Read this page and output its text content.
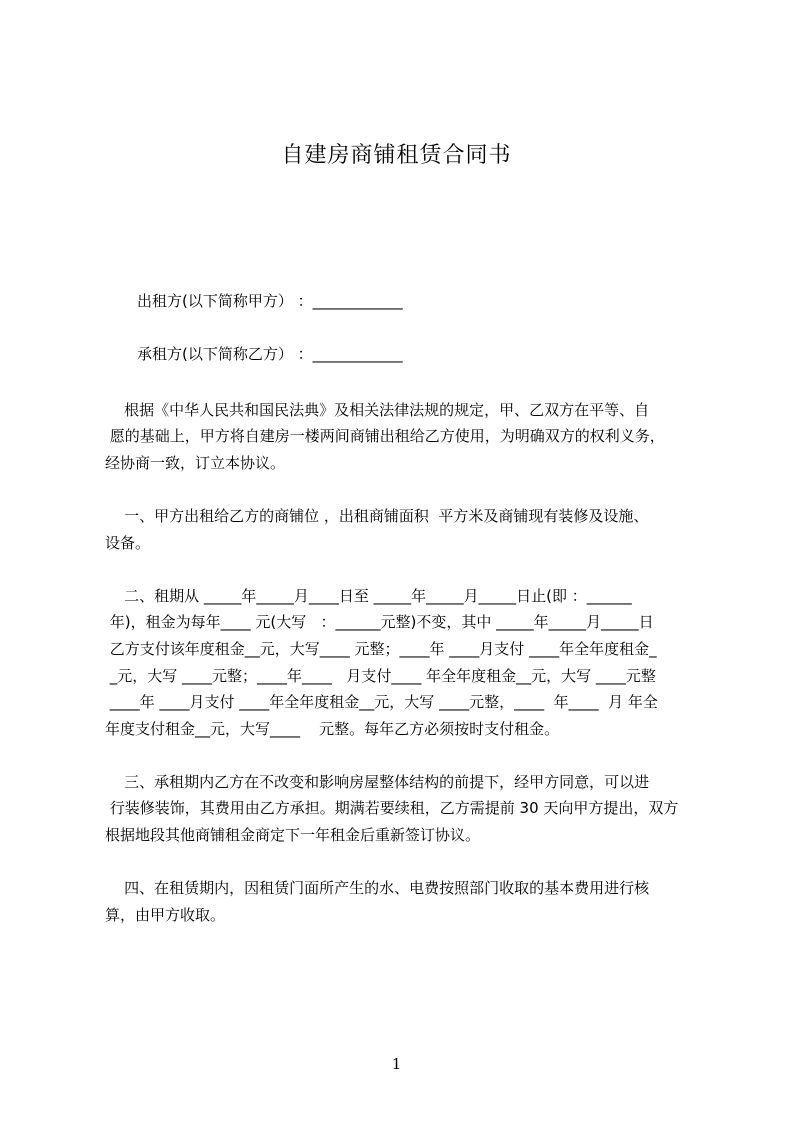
自建房商铺租赁合同书
出租方(以下简称甲方） ：____________
承租方(以下简称乙方） ：____________
根据《中华人民共和国民法典》及相关法律法规的规定，甲、乙双方在平等、自
愿的基础上，甲方将自建房一楼两间商铺出租给乙方使用，为明确双方的权利义务，
经协商一致，订立本协议。
一、甲方出租给乙方的商铺位 ，出租商铺面积  平方米及商铺现有装修及设施、
设备。
二、租期从 _____年_____月____日至 _____年_____月_____日止(即 ：______
年)，租金为每年____ 元(大写   ：______元整)不变，其中 _____年_____月_____日
乙方支付该年度租金__元，大写____ 元整；____年 ____月支付 ____年全年度租金_
_元，大写 ____元整；____年____   月支付____ 年全年度租金__元，大写 ____元整
____年 ____月支付 ____年全年度租金__元，大写 ____元整，____  年____  月 年全
年度支付租金__元，大写____    元整。每年乙方必须按时支付租金。
三、承租期内乙方在不改变和影响房屋整体结构的前提下，经甲方同意，可以进
行装修装饰，其费用由乙方承担。期满若要续租，乙方需提前 30 天向甲方提出，双方
根据地段其他商铺租金商定下一年租金后重新签订协议。
四、在租赁期内，因租赁门面所产生的水、电费按照部门收取的基本费用进行核
算，由甲方收取。
1
